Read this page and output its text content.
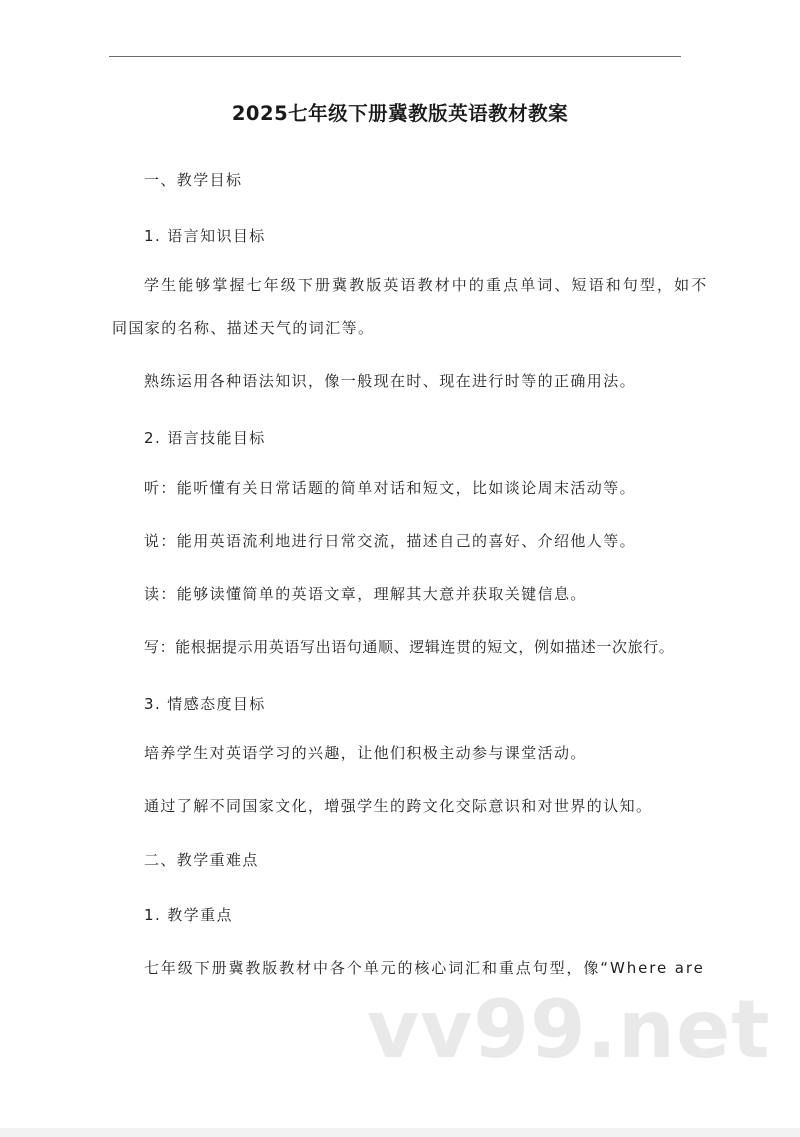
2025七年级下册冀教版英语教材教案
一、教学目标
1. 语言知识目标
学生能够掌握七年级下册冀教版英语教材中的重点单词、短语和句型，如不
同国家的名称、描述天气的词汇等。
熟练运用各种语法知识，像一般现在时、现在进行时等的正确用法。
2. 语言技能目标
听：能听懂有关日常话题的简单对话和短文，比如谈论周末活动等。
说：能用英语流利地进行日常交流，描述自己的喜好、介绍他人等。
读：能够读懂简单的英语文章，理解其大意并获取关键信息。
写：能根据提示用英语写出语句通顺、逻辑连贯的短文，例如描述一次旅行。
3. 情感态度目标
培养学生对英语学习的兴趣，让他们积极主动参与课堂活动。
通过了解不同国家文化，增强学生的跨文化交际意识和对世界的认知。
二、教学重难点
1. 教学重点
七年级下册冀教版教材中各个单元的核心词汇和重点句型，像“Where are
vv99.net
